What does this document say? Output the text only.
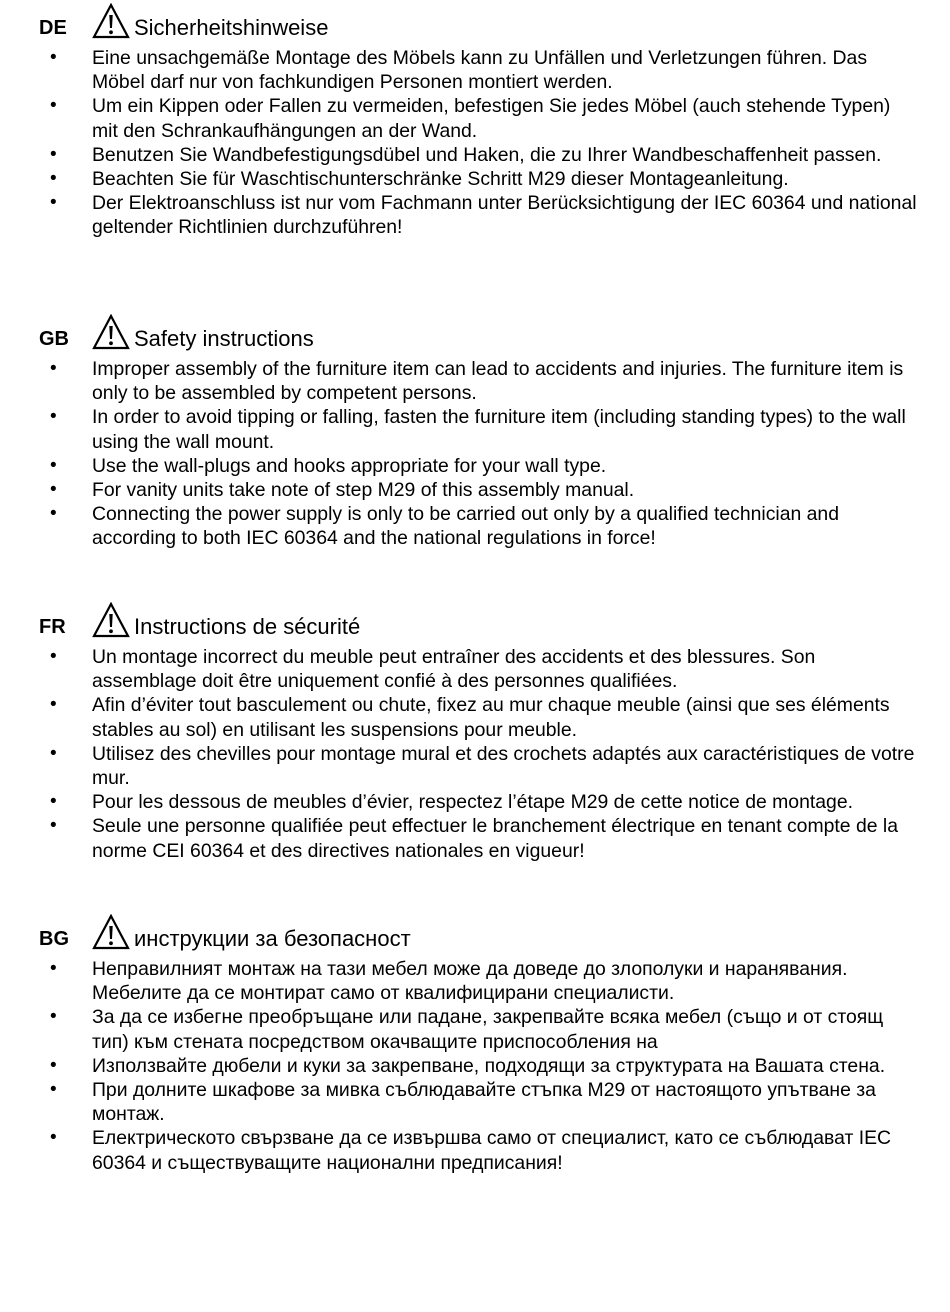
DE	Sicherheitshinweise
• Eine unsachgemäße Montage des Möbels kann zu Unfällen und Verletzungen führen. Das Möbel darf nur von fachkundigen Personen montiert werden.
• Um ein Kippen oder Fallen zu vermeiden, befestigen Sie jedes Möbel (auch stehende Typen) mit den Schrankaufhängungen an der Wand.
• Benutzen Sie Wandbefestigungsdübel und Haken, die zu Ihrer Wandbeschaffenheit passen.
• Beachten Sie für Waschtischunterschränke Schritt M29 dieser Montageanleitung.
• Der Elektroanschluss ist nur vom Fachmann unter Berücksichtigung der IEC 60364 und national geltender Richtlinien durchzuführen!
GB	Safety instructions
• Improper assembly of the furniture item can lead to accidents and injuries. The furniture item is only to be assembled by competent persons.
• In order to avoid tipping or falling, fasten the furniture item (including standing types) to the wall using the wall mount.
• Use the wall-plugs and hooks appropriate for your wall type.
• For vanity units take note of step M29 of this assembly manual.
• Connecting the power supply is only to be carried out only by a qualified technician and according to both IEC 60364 and the national regulations in force!
FR	Instructions de sécurité
• Un montage incorrect du meuble peut entraîner des accidents et des blessures. Son assemblage doit être uniquement confié à des personnes qualifiées.
• Afin d’éviter tout basculement ou chute, fixez au mur chaque meuble (ainsi que ses éléments stables au sol) en utilisant les suspensions pour meuble.
• Utilisez des chevilles pour montage mural et des crochets adaptés aux caractéristiques de votre mur.
• Pour les dessous de meubles d’évier, respectez l’étape M29 de cette notice de montage.
• Seule une personne qualifiée peut effectuer le branchement électrique en tenant compte de la norme CEI 60364 et des directives nationales en vigueur!
BG	инструкции за безопасност
• Неправилният монтаж на тази мебел може да доведе до злополуки и наранявания. Мебелите да се монтират само от квалифицирани специалисти.
• За да се избегне преобръщане или падане, закрепвайте всяка мебел (също и от стоящ тип) към стената посредством окачващите приспособления на
• Използвайте дюбели и куки за закрепване, подходящи за структурата на Вашата стена.
• При долните шкафове за мивка съблюдавайте стъпка M29 от настоящото упътване за монтаж.
• Електрическото свързване да се извършва само от специалист, като се съблюдават IEC 60364 и съществуващите национални предписания!
